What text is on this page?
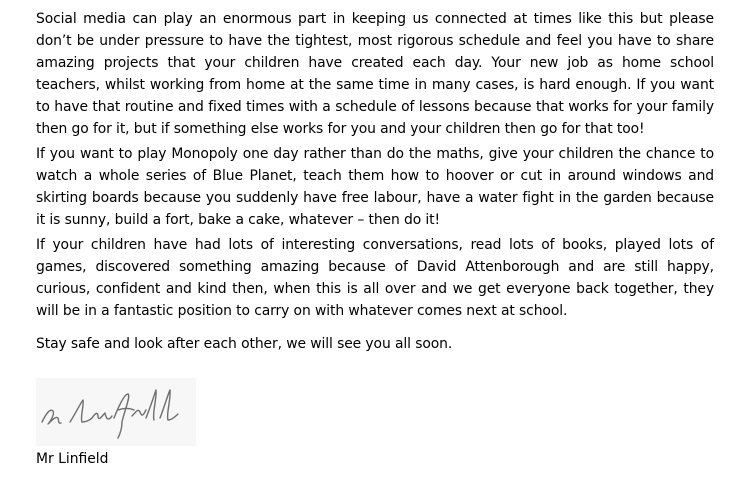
Social media can play an enormous part in keeping us connected at times like this but please don’t be under pressure to have the tightest, most rigorous schedule and feel you have to share amazing projects that your children have created each day. Your new job as home school teachers, whilst working from home at the same time in many cases, is hard enough. If you want to have that routine and fixed times with a schedule of lessons because that works for your family then go for it, but if something else works for you and your children then go for that too!

If you want to play Monopoly one day rather than do the maths, give your children the chance to watch a whole series of Blue Planet, teach them how to hoover or cut in around windows and skirting boards because you suddenly have free labour, have a water fight in the garden because it is sunny, build a fort, bake a cake, whatever – then do it!

If your children have had lots of interesting conversations, read lots of books, played lots of games, discovered something amazing because of David Attenborough and are still happy, curious, confident and kind then, when this is all over and we get everyone back together, they will be in a fantastic position to carry on with whatever comes next at school.

Stay safe and look after each other, we will see you all soon.

Mr Linfield
